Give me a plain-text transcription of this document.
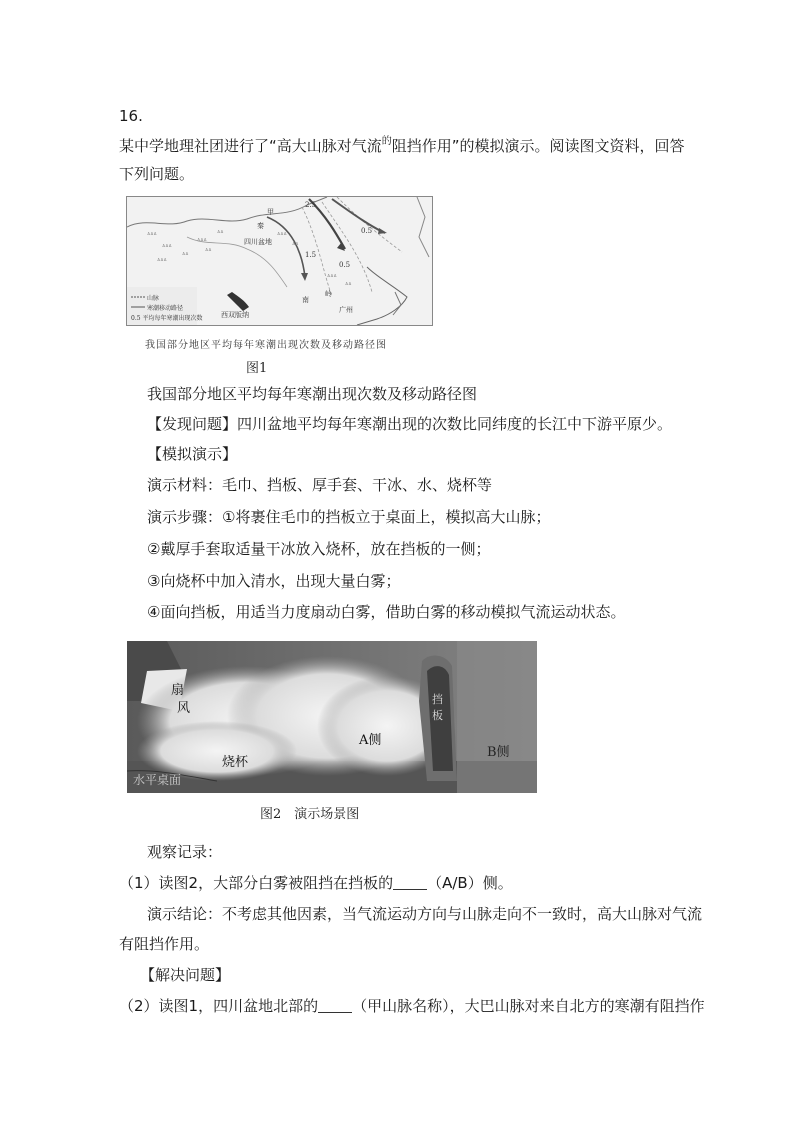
16.
某中学地理社团进行了“高大山脉对气流$^的$阻挡作用”的模拟演示。阅读图文资料，回答
下列问题。
ᐞᐞᐞ
ᐞᐞᐞ
ᐞᐞ
ᐞᐞᐞ
ᐞᐞᐞ
ᐞᐞ
ᐞᐞ
ᐞᐞᐞ
ᐞᐞ
ᐞᐞᐞ
ᐞᐞ
四川盆地
广州
西双版纳
甲
南
岭
秦
1.5
0.5
0.5
2.5
山脉
寒潮移动路径
0.5 平均每年寒潮出现次数
我国部分地区平均每年寒潮出现次数及移动路径图
图1
我国部分地区平均每年寒潮出现次数及移动路径图
【发现问题】四川盆地平均每年寒潮出现的次数比同纬度的长江中下游平原少。
【模拟演示】
演示材料：毛巾、挡板、厚手套、干冰、水、烧杯等
演示步骤：①将裹住毛巾的挡板立于桌面上，模拟高大山脉；
②戴厚手套取适量干冰放入烧杯，放在挡板的一侧；
③向烧杯中加入清水，出现大量白雾；
④面向挡板，用适当力度扇动白雾，借助白雾的移动模拟气流运动状态。
扇
风
烧杯
A侧
B侧
挡
板
水平桌面
图2　演示场景图
观察记录：
（1）读图2，大部分白雾被阻挡在挡板的 （A/B）侧。
演示结论：不考虑其他因素，当气流运动方向与山脉走向不一致时，高大山脉对气流
有阻挡作用。
【解决问题】
（2）读图1，四川盆地北部的 （甲山脉名称），大巴山脉对来自北方的寒潮有阻挡作
